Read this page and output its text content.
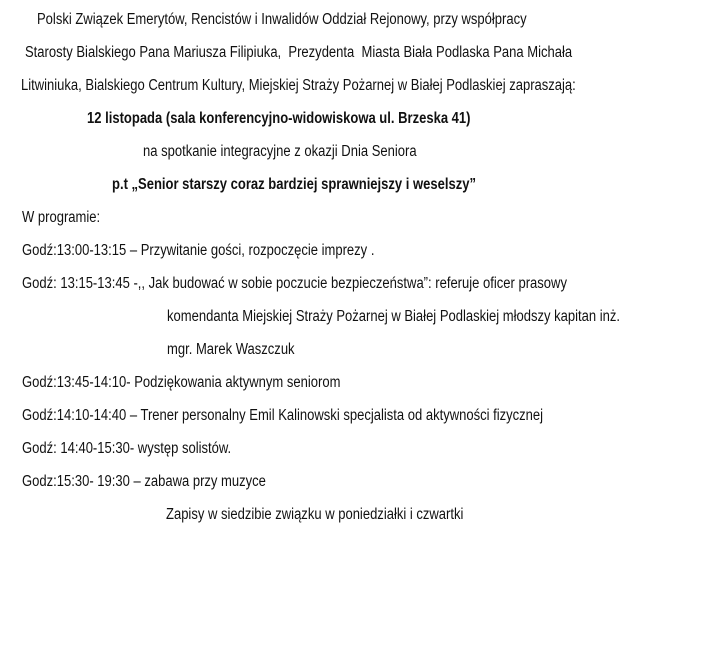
Polski Związek Emerytów, Rencistów i Inwalidów Oddział Rejonowy, przy współpracy
Starosty Bialskiego Pana Mariusza Filipiuka,  Prezydenta  Miasta Biała Podlaska Pana Michała
Litwiniuka, Bialskiego Centrum Kultury, Miejskiej Straży Pożarnej w Białej Podlaskiej zapraszają:
12 listopada (sala konferencyjno-widowiskowa ul. Brzeska 41)
na spotkanie integracyjne z okazji Dnia Seniora
p.t „Senior starszy coraz bardziej sprawniejszy i weselszy”
W programie:
Godź:13:00-13:15 – Przywitanie gości, rozpoczęcie imprezy .
Godź: 13:15-13:45 -,, Jak budować w sobie poczucie bezpieczeństwa”: referuje oficer prasowy
komendanta Miejskiej Straży Pożarnej w Białej Podlaskiej młodszy kapitan inż.
mgr. Marek Waszczuk
Godź:13:45-14:10- Podziękowania aktywnym seniorom
Godź:14:10-14:40 – Trener personalny Emil Kalinowski specjalista od aktywności fizycznej
Godź: 14:40-15:30- występ solistów.
Godz:15:30- 19:30 – zabawa przy muzyce
Zapisy w siedzibie związku w poniedziałki i czwartki
